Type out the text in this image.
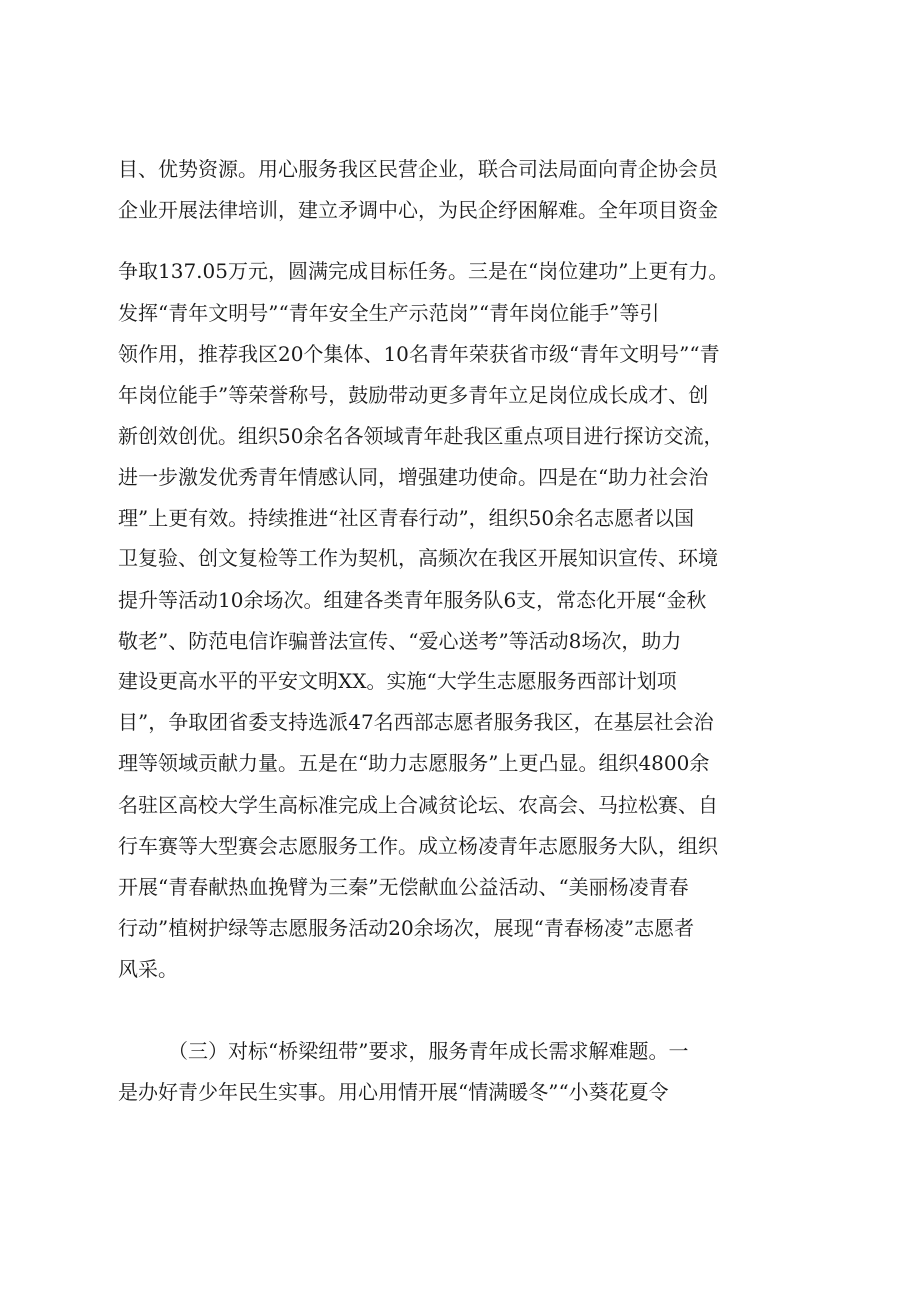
目、优势资源。用心服务我区民营企业，联合司法局面向青企协会员
企业开展法律培训，建立矛调中心，为民企纾困解难。全年项目资金
争取137.05万元，圆满完成目标任务。三是在“岗位建功”上更有力。
发挥“青年文明号”“青年安全生产示范岗”“青年岗位能手”等引
领作用，推荐我区20个集体、10名青年荣获省市级“青年文明号”“青
年岗位能手”等荣誉称号，鼓励带动更多青年立足岗位成长成才、创
新创效创优。组织50余名各领域青年赴我区重点项目进行探访交流，
进一步激发优秀青年情感认同，增强建功使命。四是在“助力社会治
理”上更有效。持续推进“社区青春行动”，组织50余名志愿者以国
卫复验、创文复检等工作为契机，高频次在我区开展知识宣传、环境
提升等活动10余场次。组建各类青年服务队6支，常态化开展“金秋
敬老”、防范电信诈骗普法宣传、“爱心送考”等活动8场次，助力
建设更高水平的平安文明XX。实施“大学生志愿服务西部计划项
目”，争取团省委支持选派47名西部志愿者服务我区，在基层社会治
理等领域贡献力量。五是在“助力志愿服务”上更凸显。组织4800余
名驻区高校大学生高标准完成上合减贫论坛、农高会、马拉松赛、自
行车赛等大型赛会志愿服务工作。成立杨凌青年志愿服务大队，组织
开展“青春献热血挽臂为三秦”无偿献血公益活动、“美丽杨凌青春
行动”植树护绿等志愿服务活动20余场次，展现“青春杨凌”志愿者
风采。
（三）对标“桥梁纽带”要求，服务青年成长需求解难题。一
是办好青少年民生实事。用心用情开展“情满暖冬”“小葵花夏令
